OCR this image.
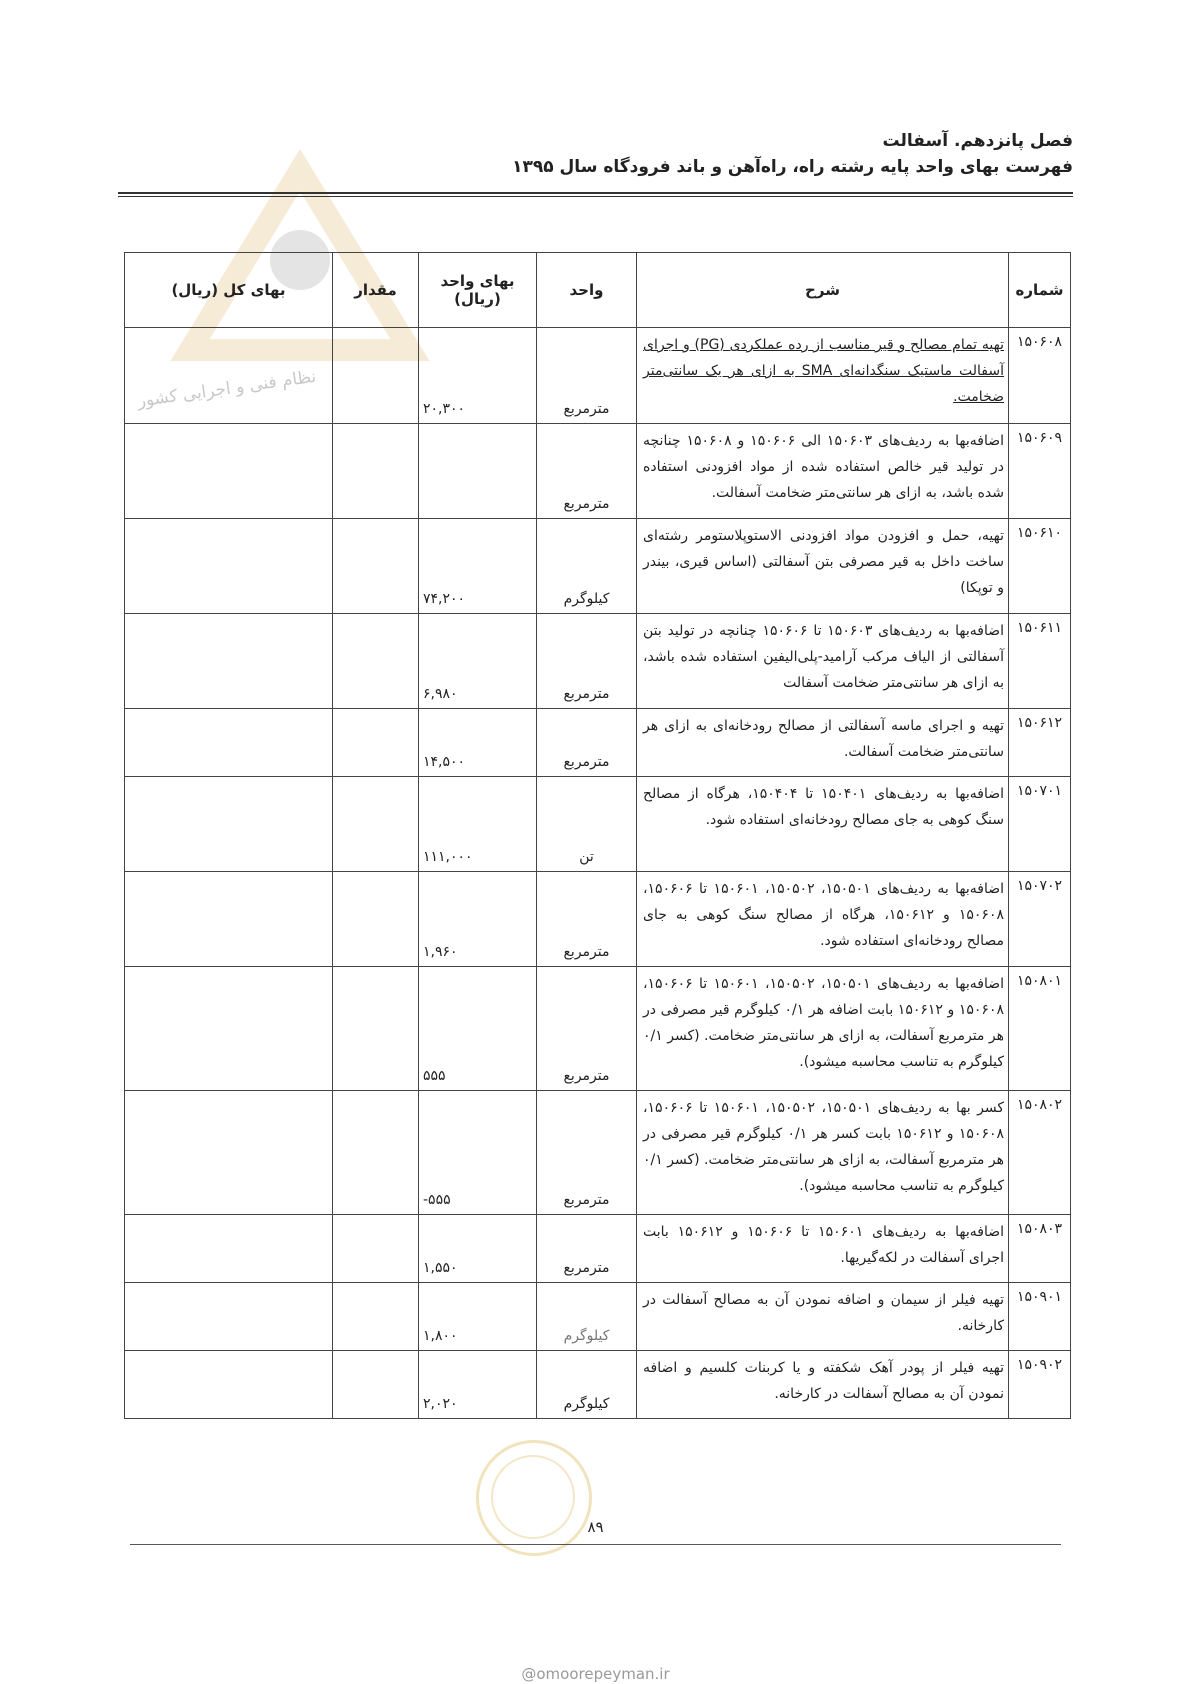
فصل پانزدهم. آسفالت
فهرست بهای واحد پایه رشته راه، راه‌آهن و باند فرودگاه سال ۱۳۹۵
شماره	شرح	واحد	بهای واحد (ریال)	مقدار	بهای کل (ریال)
۱۵۰۶۰۸	تهیه تمام مصالح و قیر مناسب از رده عملکردی (PG) و اجرای آسفالت ماستیک سنگدانه‌ای SMA به ازای هر یک سانتی‌متر ضخامت.	مترمربع	۲۰,۳۰۰		نظام فنی و اجرایی کشور

۱۵۰۶۰۹	اضافه‌بها به ردیف‌های ۱۵۰۶۰۳ الی ۱۵۰۶۰۶ و ۱۵۰۶۰۸ چنانچه در تولید قیر خالص استفاده شده از مواد افزودنی استفاده شده باشد، به ازای هر سانتی‌متر ضخامت آسفالت.	مترمربع			
۱۵۰۶۱۰	تهیه، حمل و افزودن مواد افزودنی الاستوپلاستومر رشته‌ای ساخت داخل به قیر مصرفی بتن آسفالتی (اساس قیری، بیندر و توپکا)	کیلوگرم	۷۴,۲۰۰		
۱۵۰۶۱۱	اضافه‌بها به ردیف‌های ۱۵۰۶۰۳ تا ۱۵۰۶۰۶ چنانچه در تولید بتن آسفالتی از الیاف مرکب آرامید-پلی‌الیفین استفاده شده باشد، به ازای هر سانتی‌متر ضخامت آسفالت	مترمربع	۶,۹۸۰		
۱۵۰۶۱۲	تهیه و اجرای ماسه آسفالتی از مصالح رودخانه‌ای به ازای هر سانتی‌متر ضخامت آسفالت.	مترمربع	۱۴,۵۰۰		
۱۵۰۷۰۱	اضافه‌بها به ردیف‌های ۱۵۰۴۰۱ تا ۱۵۰۴۰۴، هرگاه از مصالح سنگ کوهی به جای مصالح رودخانه‌ای استفاده شود.	تن	۱۱۱,۰۰۰		
۱۵۰۷۰۲	اضافه‌بها به ردیف‌های ۱۵۰۵۰۱، ۱۵۰۵۰۲، ۱۵۰۶۰۱ تا ۱۵۰۶۰۶، ۱۵۰۶۰۸ و ۱۵۰۶۱۲، هرگاه از مصالح سنگ کوهی به جای مصالح رودخانه‌ای استفاده شود.	مترمربع	۱,۹۶۰		
۱۵۰۸۰۱	اضافه‌بها به ردیف‌های ۱۵۰۵۰۱، ۱۵۰۵۰۲، ۱۵۰۶۰۱ تا ۱۵۰۶۰۶، ۱۵۰۶۰۸ و ۱۵۰۶۱۲ بابت اضافه هر ۰/۱ کیلوگرم قیر مصرفی در هر مترمربع آسفالت، به ازای هر سانتی‌متر ضخامت. (کسر ۰/۱ کیلوگرم به تناسب محاسبه میشود).	مترمربع	۵۵۵		
۱۵۰۸۰۲	کسر بها به ردیف‌های ۱۵۰۵۰۱، ۱۵۰۵۰۲، ۱۵۰۶۰۱ تا ۱۵۰۶۰۶، ۱۵۰۶۰۸ و ۱۵۰۶۱۲ بابت کسر هر ۰/۱ کیلوگرم قیر مصرفی در هر مترمربع آسفالت، به ازای هر سانتی‌متر ضخامت. (کسر ۰/۱ کیلوگرم به تناسب محاسبه میشود).	مترمربع	-۵۵۵		
۱۵۰۸۰۳	اضافه‌بها به ردیف‌های ۱۵۰۶۰۱ تا ۱۵۰۶۰۶ و ۱۵۰۶۱۲ بابت اجرای آسفالت در لکه‌گیریها.	مترمربع	۱,۵۵۰		
۱۵۰۹۰۱	تهیه فیلر از سیمان و اضافه نمودن آن به مصالح آسفالت در کارخانه.	کیلوگرم	۱,۸۰۰		
۱۵۰۹۰۲	تهیه فیلر از پودر آهک شکفته و یا کربنات کلسیم و اضافه نمودن آن به مصالح آسفالت در کارخانه.	کیلوگرم	۲,۰۲۰		
۸۹
@omoorepeyman.ir
